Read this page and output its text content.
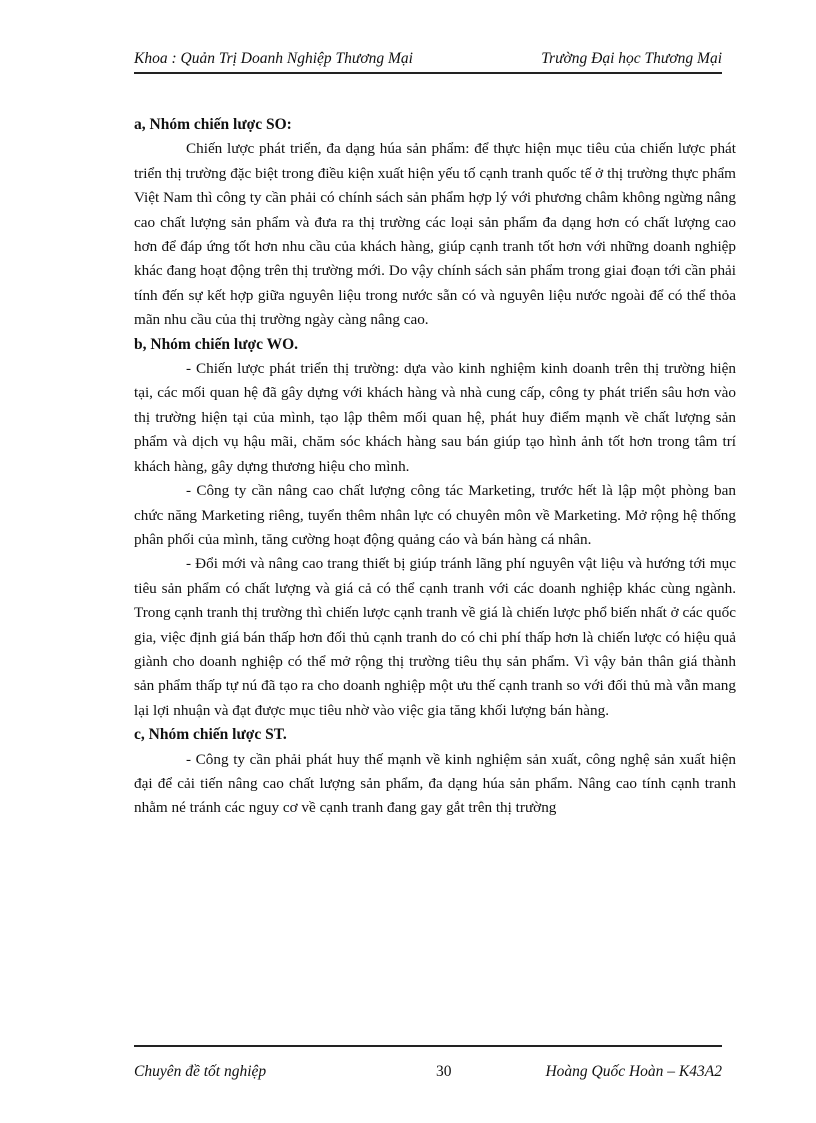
Khoa : Quản Trị Doanh Nghiệp Thương Mại	Trường Đại học Thương Mại

a, Nhóm chiến lược SO:

Chiến lược phát triển, đa dạng húa sản phẩm: để thực hiện mục tiêu của chiến lược phát triển thị trường đặc biệt trong điều kiện xuất hiện yếu tố cạnh tranh quốc tế ở thị trường thực phẩm Việt Nam thì công ty cần phải có chính sách sản phẩm hợp lý với phương châm không ngừng nâng cao chất lượng sản phẩm và đưa ra thị trường các loại sản phẩm đa dạng hơn có chất lượng cao hơn để đáp ứng tốt hơn nhu cầu của khách hàng, giúp cạnh tranh tốt hơn với những doanh nghiệp khác đang hoạt động trên thị trường mới. Do vậy chính sách sản phẩm trong giai đoạn tới cần phải tính đến sự kết hợp giữa nguyên liệu trong nước sẵn có và nguyên liệu nước ngoài để có thể thỏa mãn nhu cầu của thị trường ngày càng nâng cao.

b, Nhóm chiến lược WO.

- Chiến lược phát triển thị trường: dựa vào kinh nghiệm kinh doanh trên thị trường hiện tại, các mối quan hệ đã gây dựng với khách hàng và nhà cung cấp, công ty phát triển sâu hơn vào thị trường hiện tại của mình, tạo lập thêm mối quan hệ, phát huy điểm mạnh về chất lượng sản phẩm và dịch vụ hậu mãi, chăm sóc khách hàng sau bán giúp tạo hình ảnh tốt hơn trong tâm trí khách hàng, gây dựng thương hiệu cho mình.

- Công ty cần nâng cao chất lượng công tác Marketing, trước hết là lập một phòng ban chức năng Marketing riêng, tuyển thêm nhân lực có chuyên môn về Marketing. Mở rộng hệ thống phân phối của mình, tăng cường hoạt động quảng cáo và bán hàng cá nhân.

- Đổi mới và nâng cao trang thiết bị giúp tránh lãng phí nguyên vật liệu và hướng tới mục tiêu sản phẩm có chất lượng và giá cả có thể cạnh tranh với các doanh nghiệp khác cùng ngành. Trong cạnh tranh thị trường thì chiến lược cạnh tranh về giá là chiến lược phổ biến nhất ở các quốc gia, việc định giá bán thấp hơn đối thủ cạnh tranh do có chi phí thấp hơn là chiến lược có hiệu quả giành cho doanh nghiệp có thể mở rộng thị trường tiêu thụ sản phẩm. Vì vậy bản thân giá thành sản phẩm thấp tự nú đã tạo ra cho doanh nghiệp một ưu thế cạnh tranh so với đối thủ mà vẫn mang lại lợi nhuận và đạt được mục tiêu nhờ vào việc gia tăng khối lượng bán hàng.

c, Nhóm chiến lược ST.

- Công ty cần phải phát huy thế mạnh về kinh nghiệm sản xuất, công nghệ sản xuất hiện đại để cải tiến nâng cao chất lượng sản phẩm, đa dạng húa sản phẩm. Nâng cao tính cạnh tranh nhằm né tránh các nguy cơ về cạnh tranh đang gay gắt trên thị trường

Chuyên đề tốt nghiệp	30	Hoàng Quốc Hoàn – K43A2
